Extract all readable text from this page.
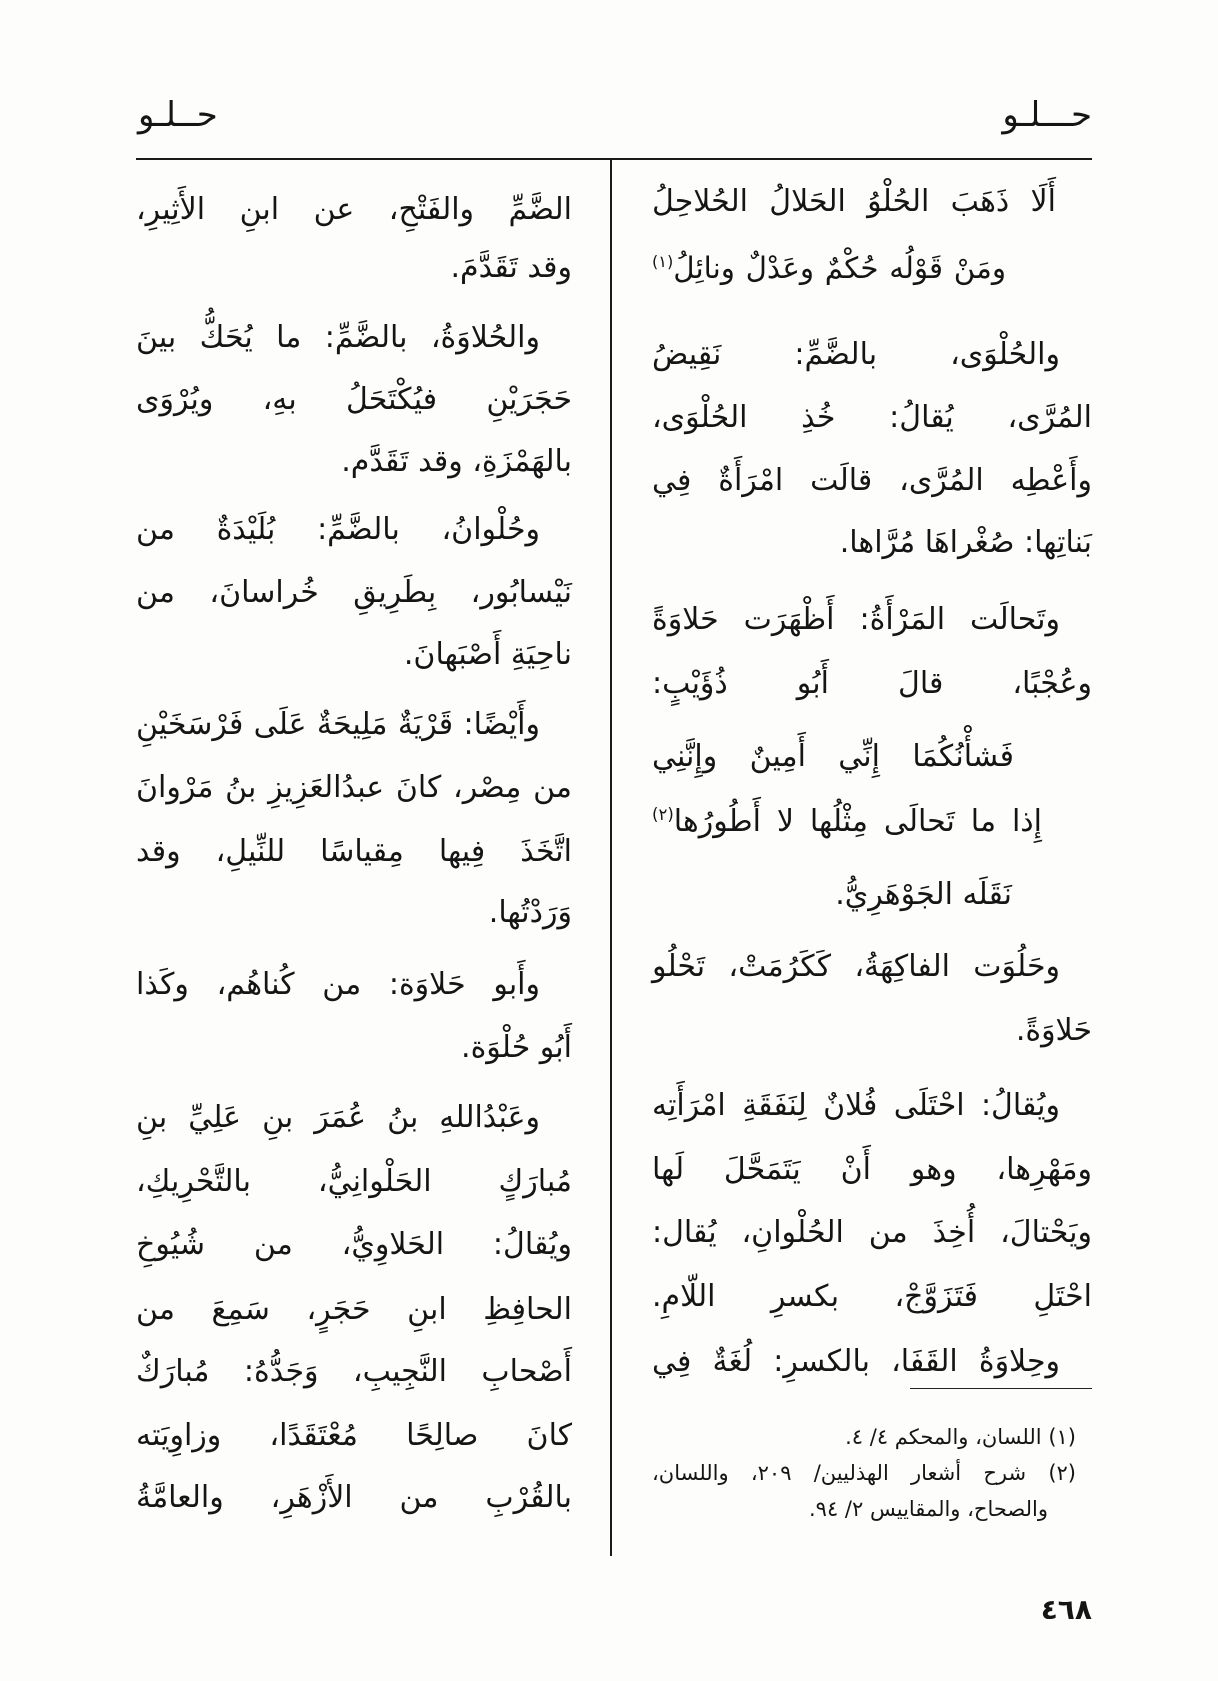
حـــلـو
حــلـو
أَلَا ذَهَبَ الحُلْوُ الحَلالُ الحُلاحِلُ
ومَنْ قَوْلُه حُكْمٌ وعَدْلٌ ونائِلُ$^{(١)}$
والحُلْوَى، بالضَّمِّ: نَقِيضُ
المُرَّى، يُقالُ: خُذِ الحُلْوَى،
وأَعْطِه المُرَّى، قالَت امْرَأَةٌ فِي
بَناتِها: صُغْراهَا مُرَّاها.
وتَحالَت المَرْأَةُ: أَظْهَرَت حَلاوَةً
وعُجْبًا، قالَ أَبُو ذُؤَيْبٍ:
فَشأْنُكُمَا إِنِّي أَمِينٌ وإِنَّنِي
إِذا ما تَحالَى مِثْلُها لا أَطُورُها$^{(٢)}$
نَقَلَه الجَوْهَرِيُّ.
وحَلُوَت الفاكِهَةُ، كَكَرُمَتْ، تَحْلُو
حَلاوَةً.
ويُقالُ: احْتَلَى فُلانٌ لِنَفَقَةِ امْرَأَتِه
ومَهْرِها، وهو أَنْ يَتَمَحَّلَ لَها
ويَحْتالَ، أُخِذَ من الحُلْوانِ، يُقال:
احْتَلِ فَتَزَوَّجْ، بكسرِ اللّامِ.
وحِلاوَةُ القَفَا، بالكسرِ: لُغَةٌ فِي
(١) اللسان، والمحكم ٤/ ٤.
(٢) شرح أشعار الهذليين/ ٢٠٩، واللسان،
والصحاح، والمقاييس ٢/ ٩٤.
الضَّمِّ والفَتْحِ، عن ابنِ الأَثِيرِ،
وقد تَقَدَّمَ.
والحُلاوَةُ، بالضَّمِّ: ما يُحَكُّ بينَ
حَجَرَيْنِ فيُكْتَحَلُ بهِ، ويُرْوَى
بالهَمْزَةِ، وقد تَقَدَّم.
وحُلْوانُ، بالضَّمِّ: بُلَيْدَةٌ من
نَيْسابُور، بِطَرِيقِ خُراسانَ، من
ناحِيَةِ أَصْبَهانَ.
وأَيْضًا: قَرْيَةٌ مَلِيحَةٌ عَلَى فَرْسَخَيْنِ
من مِصْر، كانَ عبدُالعَزِيزِ بنُ مَرْوانَ
اتَّخَذَ فِيها مِقياسًا للنِّيلِ، وقد
وَرَدْتُها.
وأَبو حَلاوَة: من كُناهُم، وكَذا
أَبُو حُلْوَة.
وعَبْدُاللهِ بنُ عُمَرَ بنِ عَلِيِّ بنِ
مُبارَكٍ الحَلْوانِيُّ، بالتَّحْرِيكِ،
ويُقالُ: الحَلاوِيُّ، من شُيُوخِ
الحافِظِ ابنِ حَجَرٍ، سَمِعَ من
أَصْحابِ النَّجِيبِ، وَجَدُّهُ: مُبارَكٌ
كانَ صالِحًا مُعْتَقَدًا، وزاوِيَته
بالقُرْبِ من الأَزْهَرِ، والعامَّةُ
٤٦٨
